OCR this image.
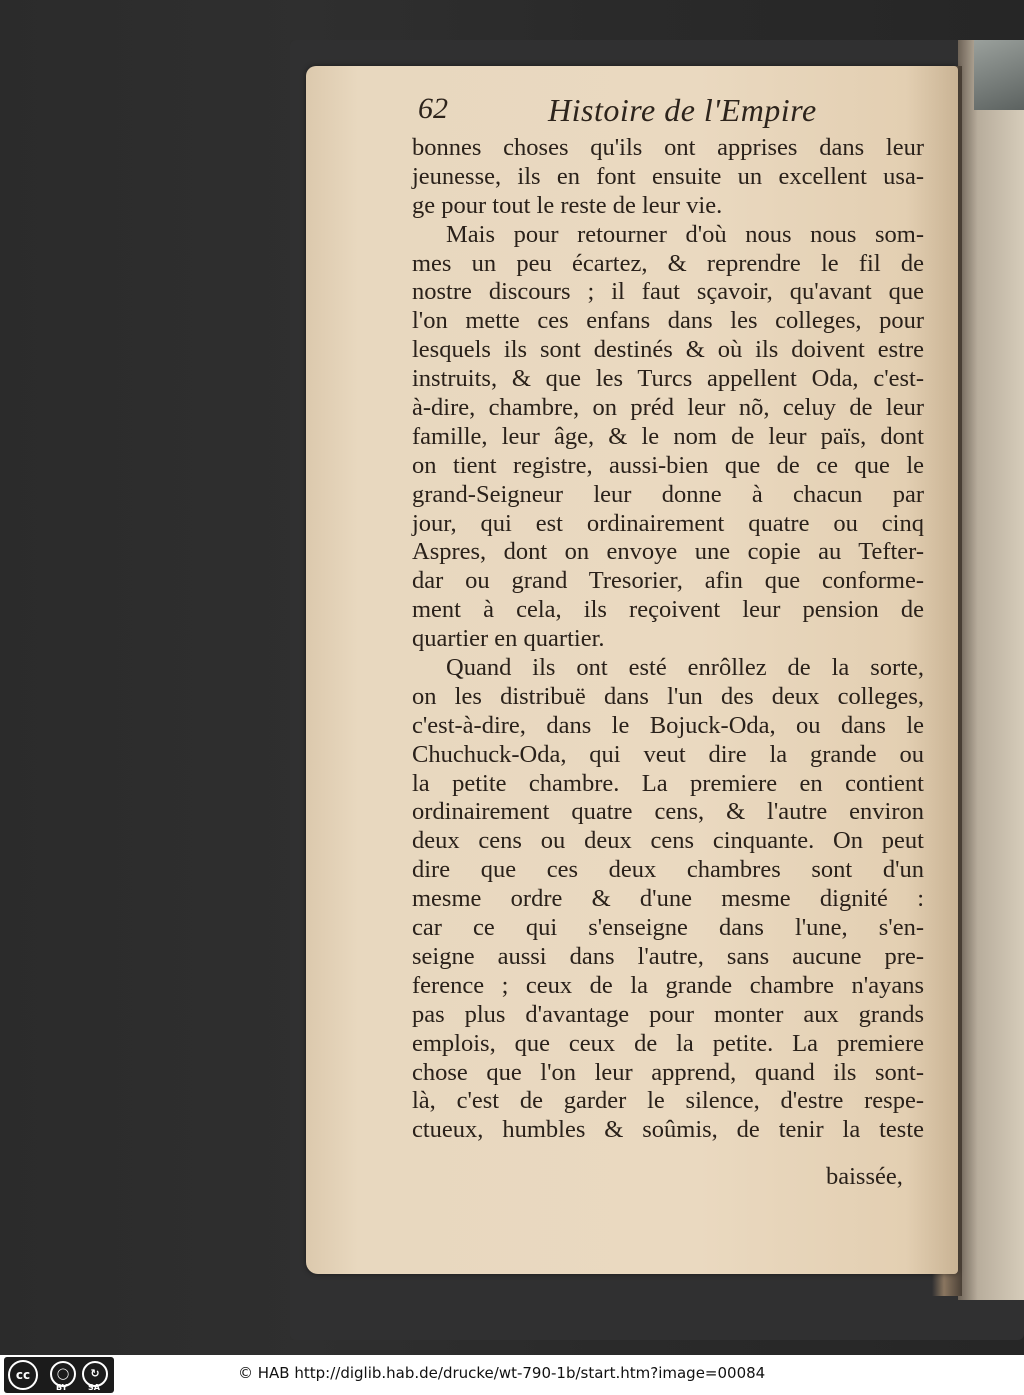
62	Histoire de l'Empire
bonnes choses qu'ils ont apprises dans leur
jeunesse, ils en font ensuite un excellent usa-
ge pour tout le reste de leur vie.
Mais pour retourner d'où nous nous som-
mes un peu écartez, & reprendre le fil de
nostre discours ; il faut sçavoir, qu'avant que
l'on mette ces enfans dans les colleges, pour
lesquels ils sont destinés & où ils doivent estre
instruits, & que les Turcs appellent Oda, c'est-
à-dire, chambre, on préd leur nõ, celuy de leur
famille, leur âge, & le nom de leur païs, dont
on tient registre, aussi-bien que de ce que le
grand-Seigneur leur donne à chacun par
jour, qui est ordinairement quatre ou cinq
Aspres, dont on envoye une copie au Tefter-
dar ou grand Tresorier, afin que conforme-
ment à cela, ils reçoivent leur pension de
quartier en quartier.
Quand ils ont esté enrôllez de la sorte,
on les distribuë dans l'un des deux colleges,
c'est-à-dire, dans le Bojuck-Oda, ou dans le
Chuchuck-Oda, qui veut dire la grande ou
la petite chambre. La premiere en contient
ordinairement quatre cens, & l'autre environ
deux cens ou deux cens cinquante. On peut
dire que ces deux chambres sont d'un
mesme ordre & d'une mesme dignité :
car ce qui s'enseigne dans l'une, s'en-
seigne aussi dans l'autre, sans aucune pre-
ference ; ceux de la grande chambre n'ayans
pas plus d'avantage pour monter aux grands
emplois, que ceux de la petite. La premiere
chose que l'on leur apprend, quand ils sont-
là, c'est de garder le silence, d'estre respe-
ctueux, humbles & soûmis, de tenir la teste
baissée,
cc	◯	↻
BY	SA
© HAB http://diglib.hab.de/drucke/wt-790-1b/start.htm?image=00084
